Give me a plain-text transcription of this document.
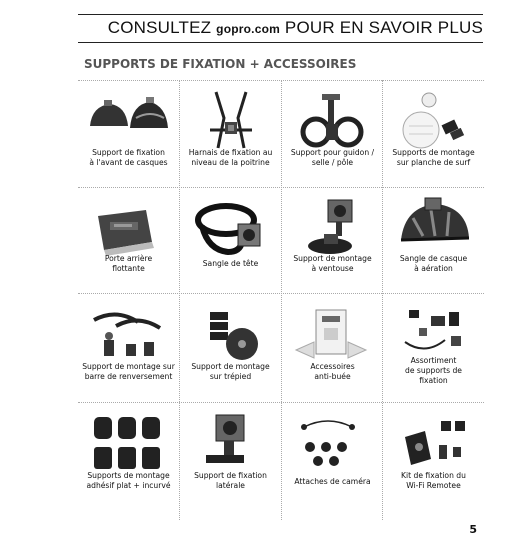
CONSULTEZ gopro.com POUR EN SAVOIR PLUS
SUPPORTS DE FIXATION + ACCESSOIRES
Support de fixation
à l'avant de casques
Harnais de fixation au
niveau de la poitrine
Support pour guidon /
selle / pôle
Supports de montage
sur planche de surf
Porte arrière
flottante
Sangle de tête
Support de montage
à ventouse
Sangle de casque
à aération
Support de montage sur
barre de renversement
Support de montage
sur trépied
Accessoires
anti-buée
Assortiment
de supports de
fixation
Supports de montage
adhésif plat + incurvé
Support de fixation
latérale	Attaches de caméra
Kit de fixation du
Wi-Fi Remotee
5
